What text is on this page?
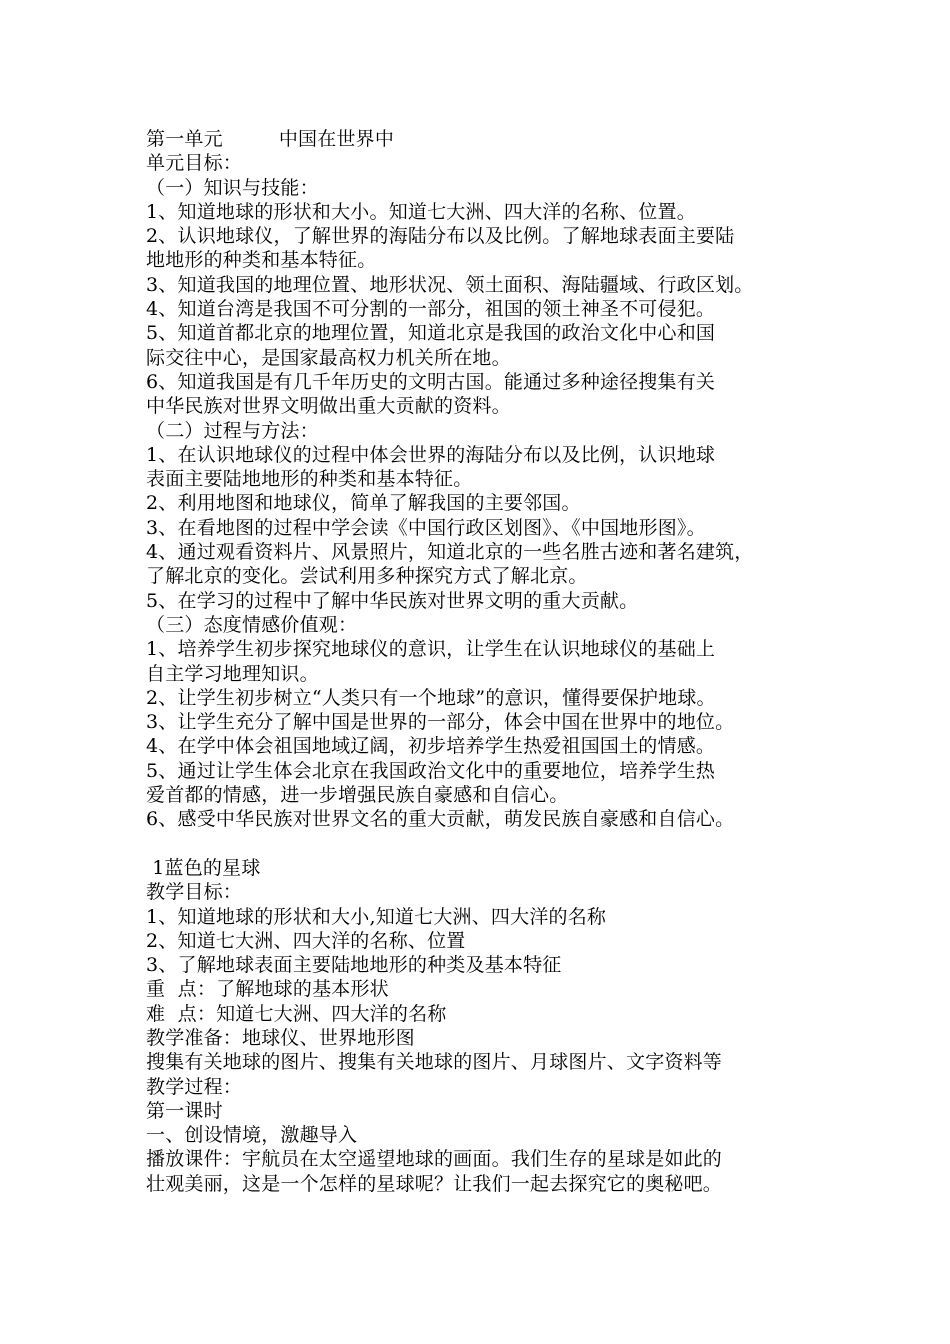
第一单元	中国在世界中
单元目标：
（一）知识与技能：
1、知道地球的形状和大小。知道七大洲、四大洋的名称、位置。
2、认识地球仪，了解世界的海陆分布以及比例。了解地球表面主要陆
地地形的种类和基本特征。
3、知道我国的地理位置、地形状况、领土面积、海陆疆域、行政区划。
4、知道台湾是我国不可分割的一部分，祖国的领土神圣不可侵犯。
5、知道首都北京的地理位置，知道北京是我国的政治文化中心和国
际交往中心，是国家最高权力机关所在地。
6、知道我国是有几千年历史的文明古国。能通过多种途径搜集有关
中华民族对世界文明做出重大贡献的资料。
（二）过程与方法：
1、在认识地球仪的过程中体会世界的海陆分布以及比例，认识地球
表面主要陆地地形的种类和基本特征。
2、利用地图和地球仪，简单了解我国的主要邻国。
3、在看地图的过程中学会读《中国行政区划图》、《中国地形图》。
4、通过观看资料片、风景照片，知道北京的一些名胜古迹和著名建筑，
了解北京的变化。尝试利用多种探究方式了解北京。
5、在学习的过程中了解中华民族对世界文明的重大贡献。
（三）态度情感价值观：
1、培养学生初步探究地球仪的意识，让学生在认识地球仪的基础上
自主学习地理知识。
2、让学生初步树立“人类只有一个地球”的意识，懂得要保护地球。
3、让学生充分了解中国是世界的一部分，体会中国在世界中的地位。
4、在学中体会祖国地域辽阔，初步培养学生热爱祖国国土的情感。
5、通过让学生体会北京在我国政治文化中的重要地位，培养学生热
爱首都的情感，进一步增强民族自豪感和自信心。
6、感受中华民族对世界文名的重大贡献，萌发民族自豪感和自信心。
1蓝色的星球
教学目标：
1、知道地球的形状和大小,知道七大洲、四大洋的名称
2、知道七大洲、四大洋的名称、位置
3、了解地球表面主要陆地地形的种类及基本特征
重  点：了解地球的基本形状
难  点：知道七大洲、四大洋的名称
教学准备：地球仪、世界地形图
搜集有关地球的图片、搜集有关地球的图片、月球图片、文字资料等
教学过程：
第一课时
一、创设情境，激趣导入
播放课件：宇航员在太空遥望地球的画面。我们生存的星球是如此的
壮观美丽，这是一个怎样的星球呢？让我们一起去探究它的奥秘吧。
